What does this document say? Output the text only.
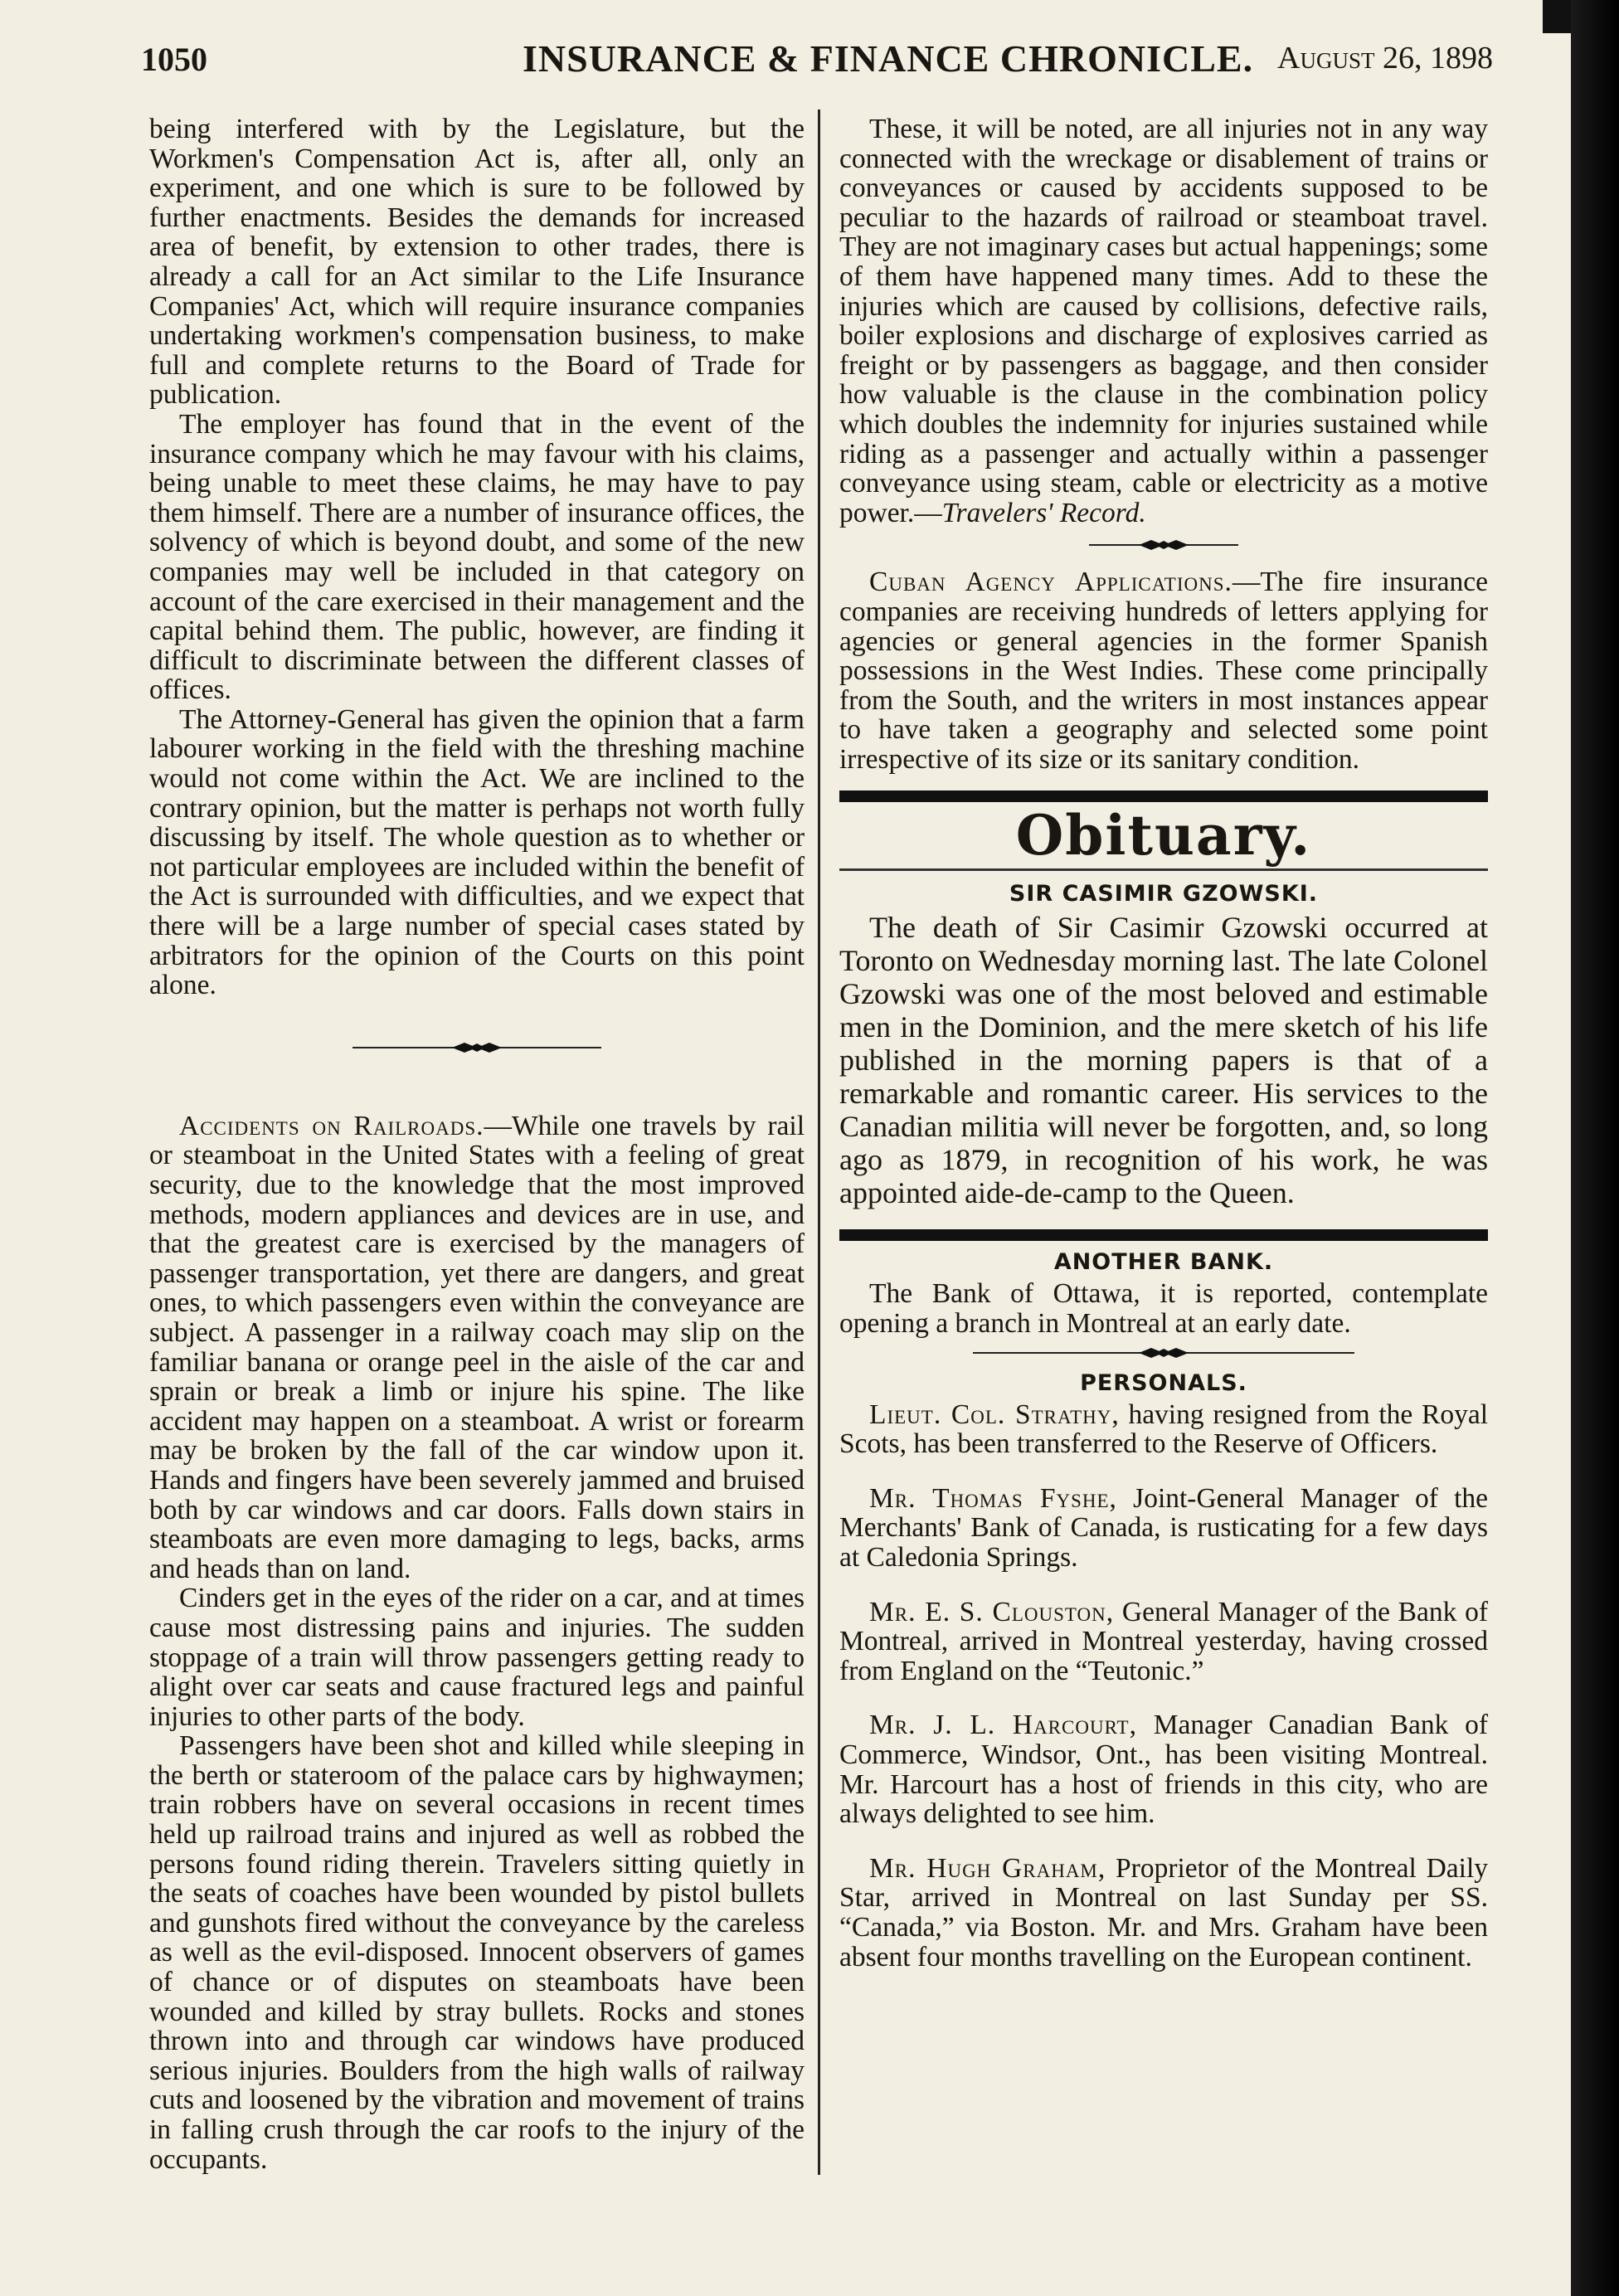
1050	INSURANCE & FINANCE CHRONICLE. August 26, 1898

being interfered with by the Legislature, but the Workmen's Compensation Act is, after all, only an experiment, and one which is sure to be followed by further enactments. Besides the demands for increased area of benefit, by extension to other trades, there is already a call for an Act similar to the Life Insurance Companies' Act, which will require insurance companies undertaking workmen's compensation business, to make full and complete returns to the Board of Trade for publication.

The employer has found that in the event of the insurance company which he may favour with his claims, being unable to meet these claims, he may have to pay them himself. There are a number of insurance offices, the solvency of which is beyond doubt, and some of the new companies may well be included in that category on account of the care exercised in their management and the capital behind them. The public, however, are finding it difficult to discriminate between the different classes of offices.

The Attorney-General has given the opinion that a farm labourer working in the field with the threshing machine would not come within the Act. We are inclined to the contrary opinion, but the matter is perhaps not worth fully discussing by itself. The whole question as to whether or not particular employees are included within the benefit of the Act is surrounded with difficulties, and we expect that there will be a large number of special cases stated by arbitrators for the opinion of the Courts on this point alone.

Accidents on Railroads.—While one travels by rail or steamboat in the United States with a feeling of great security, due to the knowledge that the most improved methods, modern appliances and devices are in use, and that the greatest care is exercised by the managers of passenger transportation, yet there are dangers, and great ones, to which passengers even within the conveyance are subject. A passenger in a railway coach may slip on the familiar banana or orange peel in the aisle of the car and sprain or break a limb or injure his spine. The like accident may happen on a steamboat. A wrist or forearm may be broken by the fall of the car window upon it. Hands and fingers have been severely jammed and bruised both by car windows and car doors. Falls down stairs in steamboats are even more damaging to legs, backs, arms and heads than on land.

Cinders get in the eyes of the rider on a car, and at times cause most distressing pains and injuries. The sudden stoppage of a train will throw passengers getting ready to alight over car seats and cause fractured legs and painful injuries to other parts of the body.

Passengers have been shot and killed while sleeping in the berth or stateroom of the palace cars by highwaymen; train robbers have on several occasions in recent times held up railroad trains and injured as well as robbed the persons found riding therein. Travelers sitting quietly in the seats of coaches have been wounded by pistol bullets and gunshots fired without the conveyance by the careless as well as the evil-disposed. Innocent observers of games of chance or of disputes on steamboats have been wounded and killed by stray bullets. Rocks and stones thrown into and through car windows have produced serious injuries. Boulders from the high walls of railway cuts and loosened by the vibration and movement of trains in falling crush through the car roofs to the injury of the occupants.

These, it will be noted, are all injuries not in any way connected with the wreckage or disablement of trains or conveyances or caused by accidents supposed to be peculiar to the hazards of railroad or steamboat travel. They are not imaginary cases but actual happenings; some of them have happened many times. Add to these the injuries which are caused by collisions, defective rails, boiler explosions and discharge of explosives carried as freight or by passengers as baggage, and then consider how valuable is the clause in the combination policy which doubles the indemnity for injuries sustained while riding as a passenger and actually within a passenger conveyance using steam, cable or electricity as a motive power.—Travelers' Record.

Cuban Agency Applications.—The fire insurance companies are receiving hundreds of letters applying for agencies or general agencies in the former Spanish possessions in the West Indies. These come principally from the South, and the writers in most instances appear to have taken a geography and selected some point irrespective of its size or its sanitary condition.

Obituary.
SIR CASIMIR GZOWSKI.

The death of Sir Casimir Gzowski occurred at Toronto on Wednesday morning last. The late Colonel Gzowski was one of the most beloved and estimable men in the Dominion, and the mere sketch of his life published in the morning papers is that of a remarkable and romantic career. His services to the Canadian militia will never be forgotten, and, so long ago as 1879, in recognition of his work, he was appointed aide-de-camp to the Queen.

ANOTHER BANK.

The Bank of Ottawa, it is reported, contemplate opening a branch in Montreal at an early date.

PERSONALS.

Lieut. Col. Strathy, having resigned from the Royal Scots, has been transferred to the Reserve of Officers.

Mr. Thomas Fyshe, Joint-General Manager of the Merchants' Bank of Canada, is rusticating for a few days at Caledonia Springs.

Mr. E. S. Clouston, General Manager of the Bank of Montreal, arrived in Montreal yesterday, having crossed from England on the “Teutonic.”

Mr. J. L. Harcourt, Manager Canadian Bank of Commerce, Windsor, Ont., has been visiting Montreal. Mr. Harcourt has a host of friends in this city, who are always delighted to see him.

Mr. Hugh Graham, Proprietor of the Montreal Daily Star, arrived in Montreal on last Sunday per SS. “Canada,” via Boston. Mr. and Mrs. Graham have been absent four months travelling on the European continent.
